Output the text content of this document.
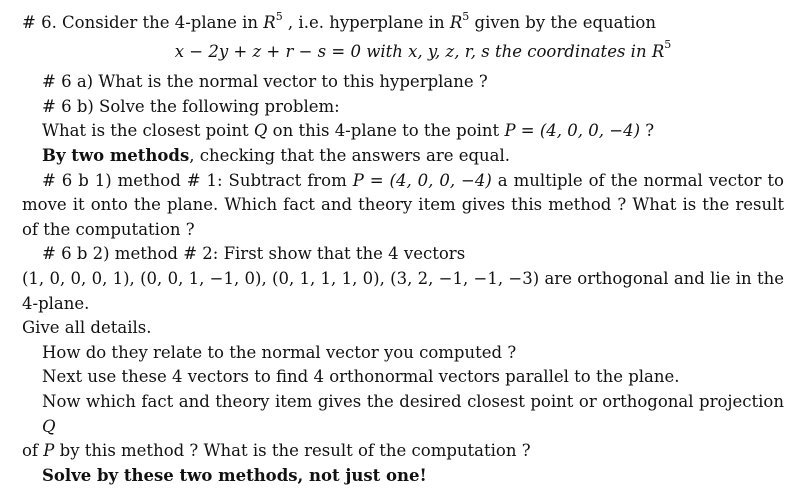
# 6. Consider the 4-plane in $R^5$ , i.e. hyperplane in $R^5$ given by the equation
x − 2y + z + r − s = 0 with x, y, z, r, s the coordinates in $R^5$
# 6 a) What is the normal vector to this hyperplane ?
# 6 b) Solve the following problem:
What is the closest point Q on this 4-plane to the point P = (4, 0, 0, −4) ?
By two methods, checking that the answers are equal.
# 6 b 1) method # 1: Subtract from P = (4, 0, 0, −4) a multiple of the normal vector to
move it onto the plane. Which fact and theory item gives this method ? What is the result
of the computation ?
# 6 b 2) method # 2: First show that the 4 vectors
(1, 0, 0, 0, 1), (0, 0, 1, −1, 0), (0, 1, 1, 1, 0), (3, 2, −1, −1, −3) are orthogonal and lie in the 4-plane.
Give all details.
How do they relate to the normal vector you computed ?
Next use these 4 vectors to find 4 orthonormal vectors parallel to the plane.
Now which fact and theory item gives the desired closest point or orthogonal projection Q
of P by this method ? What is the result of the computation ?
Solve by these two methods, not just one!
